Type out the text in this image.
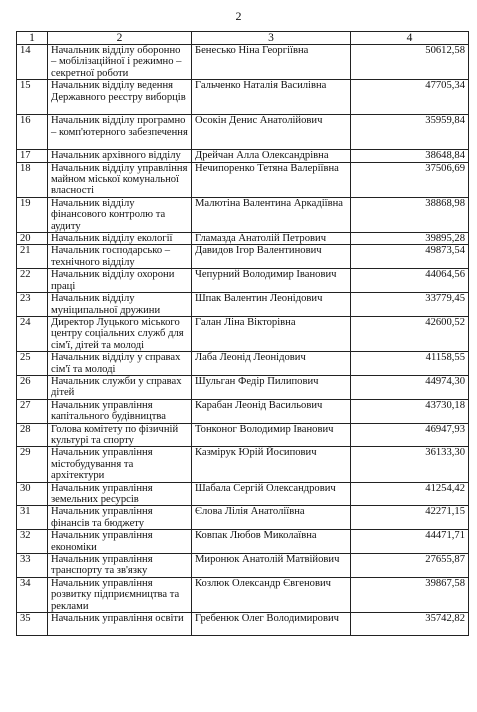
2
1	2	3	4
14	Начальник відділу оборонно – мобілізаційної і режимно – секретної роботи	Бенесько Ніна Георгіївна	50612,58
15	Начальник відділу ведення Державного реєстру виборців	Гальченко Наталія Василівна	47705,34
16	Начальник відділу програмно – комп'ютерного забезпечення	Осокін Денис Анатолійович	35959,84
17	Начальник архівного відділу	Дрейчан Алла Олександрівна	38648,84
18	Начальник відділу управління майном міської комунальної власності	Нечипоренко Тетяна Валеріївна	37506,69
19	Начальник відділу фінансового контролю та аудиту	Малютіна Валентина Аркадіївна	38868,98
20	Начальник відділу екології	Гламазда Анатолій Петрович	39895,28
21	Начальник господарсько – технічного відділу	Давидов Ігор Валентинович	49873,54
22	Начальник відділу охорони праці	Чепурний Володимир Іванович	44064,56
23	Начальник відділу муніципальної дружини	Шпак Валентин Леонідович	33779,45
24	Директор Луцького міського центру соціальних служб для сім'ї, дітей та молоді	Галан Ліна Вікторівна	42600,52
25	Начальник відділу у справах сім'ї та молоді	Лаба Леонід Леонідович	41158,55
26	Начальник служби у справах дітей	Шульган Федір Пилипович	44974,30
27	Начальник управління капітального будівництва	Карабан Леонід Васильович	43730,18
28	Голова комітету по фізичній культурі та спорту	Тонконог Володимир Іванович	46947,93
29	Начальник управління містобудування та архітектури	Казмірук Юрій Йосипович	36133,30
30	Начальник управління земельних ресурсів	Шабала Сергій Олександрович	41254,42
31	Начальник управління фінансів та бюджету	Єлова Лілія Анатоліївна	42271,15
32	Начальник управління економіки	Ковпак Любов Миколаївна	44471,71
33	Начальник управління транспорту та зв'язку	Миронюк Анатолій Матвійович	27655,87
34	Начальник управління розвитку підприємництва та реклами	Козлюк Олександр Євгенович	39867,58
35	Начальник управління освіти	Гребенюк Олег Володимирович	35742,82
